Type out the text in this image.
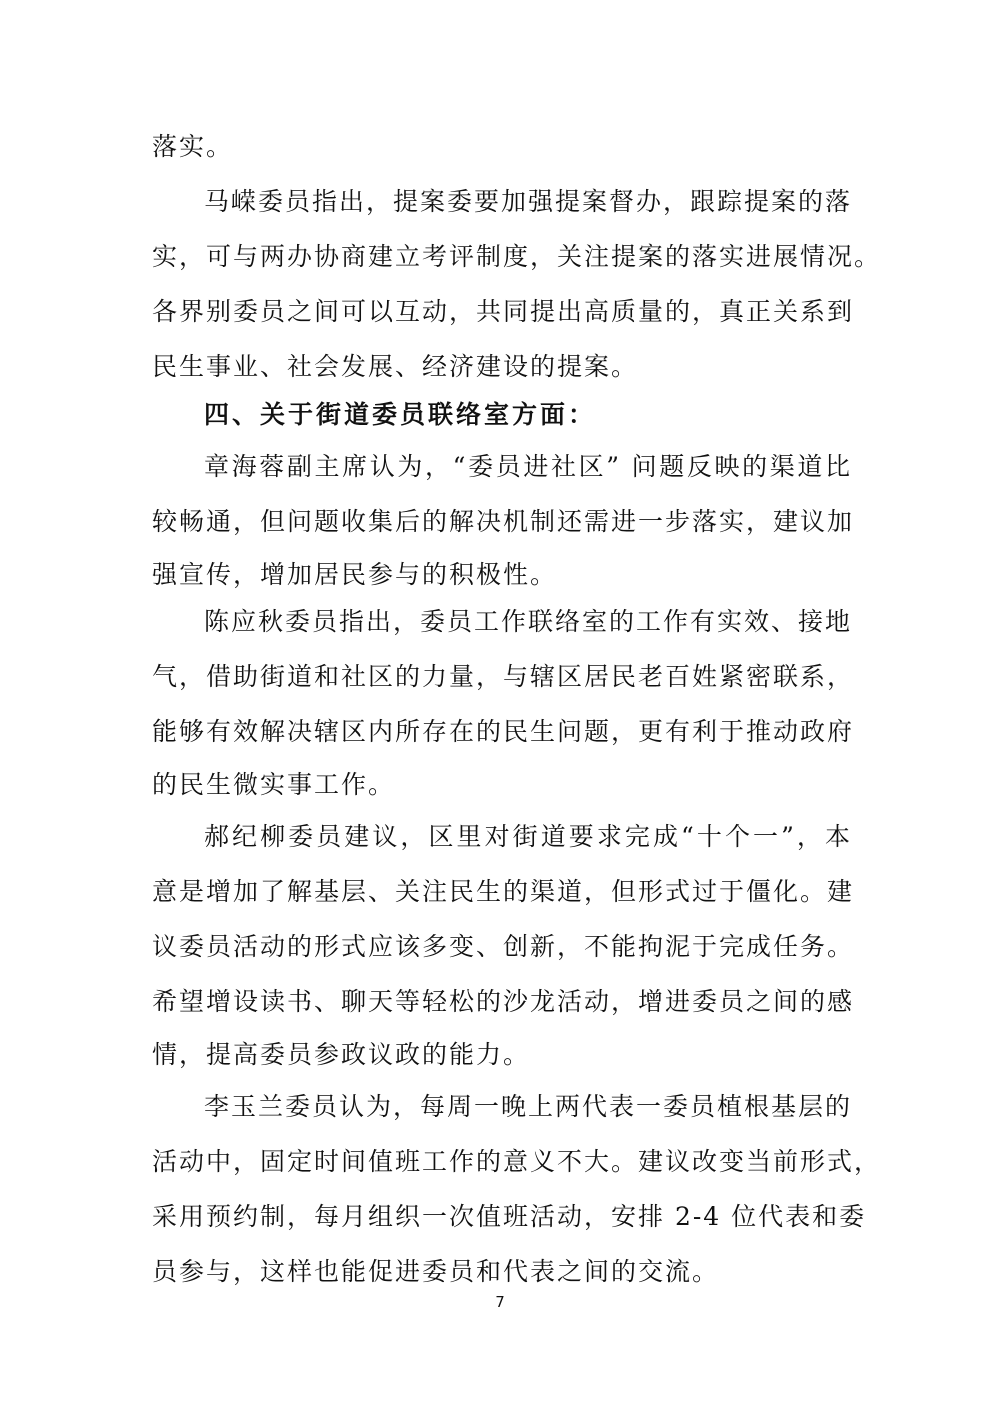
落实。
马嵘委员指出，提案委要加强提案督办，跟踪提案的落
实，可与两办协商建立考评制度，关注提案的落实进展情况。
各界别委员之间可以互动，共同提出高质量的，真正关系到
民生事业、社会发展、经济建设的提案。
四、关于街道委员联络室方面：
章海蓉副主席认为，“委员进社区” 问题反映的渠道比
较畅通，但问题收集后的解决机制还需进一步落实，建议加
强宣传，增加居民参与的积极性。
陈应秋委员指出，委员工作联络室的工作有实效、接地
气，借助街道和社区的力量，与辖区居民老百姓紧密联系，
能够有效解决辖区内所存在的民生问题，更有利于推动政府
的民生微实事工作。
郝纪柳委员建议，区里对街道要求完成“十个一”，本
意是增加了解基层、关注民生的渠道，但形式过于僵化。建
议委员活动的形式应该多变、创新，不能拘泥于完成任务。
希望增设读书、聊天等轻松的沙龙活动，增进委员之间的感
情，提高委员参政议政的能力。
李玉兰委员认为，每周一晚上两代表一委员植根基层的
活动中，固定时间值班工作的意义不大。建议改变当前形式，
采用预约制，每月组织一次值班活动，安排 2-4 位代表和委
员参与，这样也能促进委员和代表之间的交流。
7
